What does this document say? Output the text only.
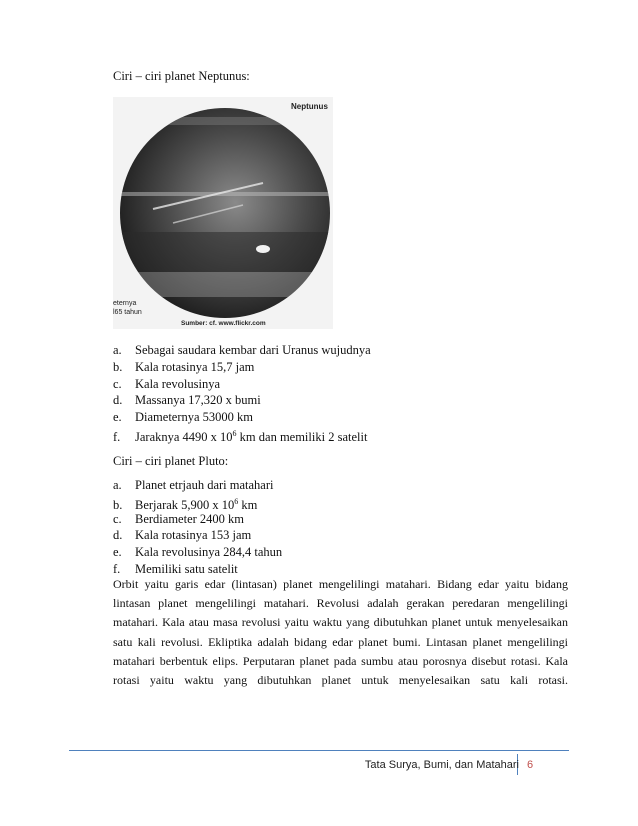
Ciri – ciri planet Neptunus:
Neptunus
eternya
l65 tahun
Sumber: cf. www.flickr.com
a. Sebagai saudara kembar dari Uranus wujudnya
b. Kala rotasinya 15,7 jam
c. Kala revolusinya
d. Massanya 17,320 x bumi
e. Diameternya 53000 km
f. Jaraknya 4490 x $10^6$ km dan memiliki 2 satelit
Ciri – ciri planet Pluto:
a. Planet etrjauh dari matahari
b. Berjarak 5,900 x $10^6$ km
c. Berdiameter 2400 km
d. Kala rotasinya 153 jam
e. Kala revolusinya 284,4 tahun
f. Memiliki satu satelit

Orbit yaitu garis edar (lintasan) planet mengelilingi matahari. Bidang edar yaitu bidang lintasan planet mengelilingi matahari. Revolusi adalah gerakan peredaran mengelilingi matahari. Kala atau masa revolusi yaitu waktu yang dibutuhkan planet untuk menyelesaikan satu kali revolusi. Ekliptika adalah bidang edar planet bumi. Lintasan planet mengelilingi matahari berbentuk elips. Perputaran planet pada sumbu atau porosnya disebut rotasi. Kala rotasi yaitu waktu yang dibutuhkan planet untuk menyelesaikan satu kali rotasi.

Tata Surya, Bumi, dan Matahari 6
